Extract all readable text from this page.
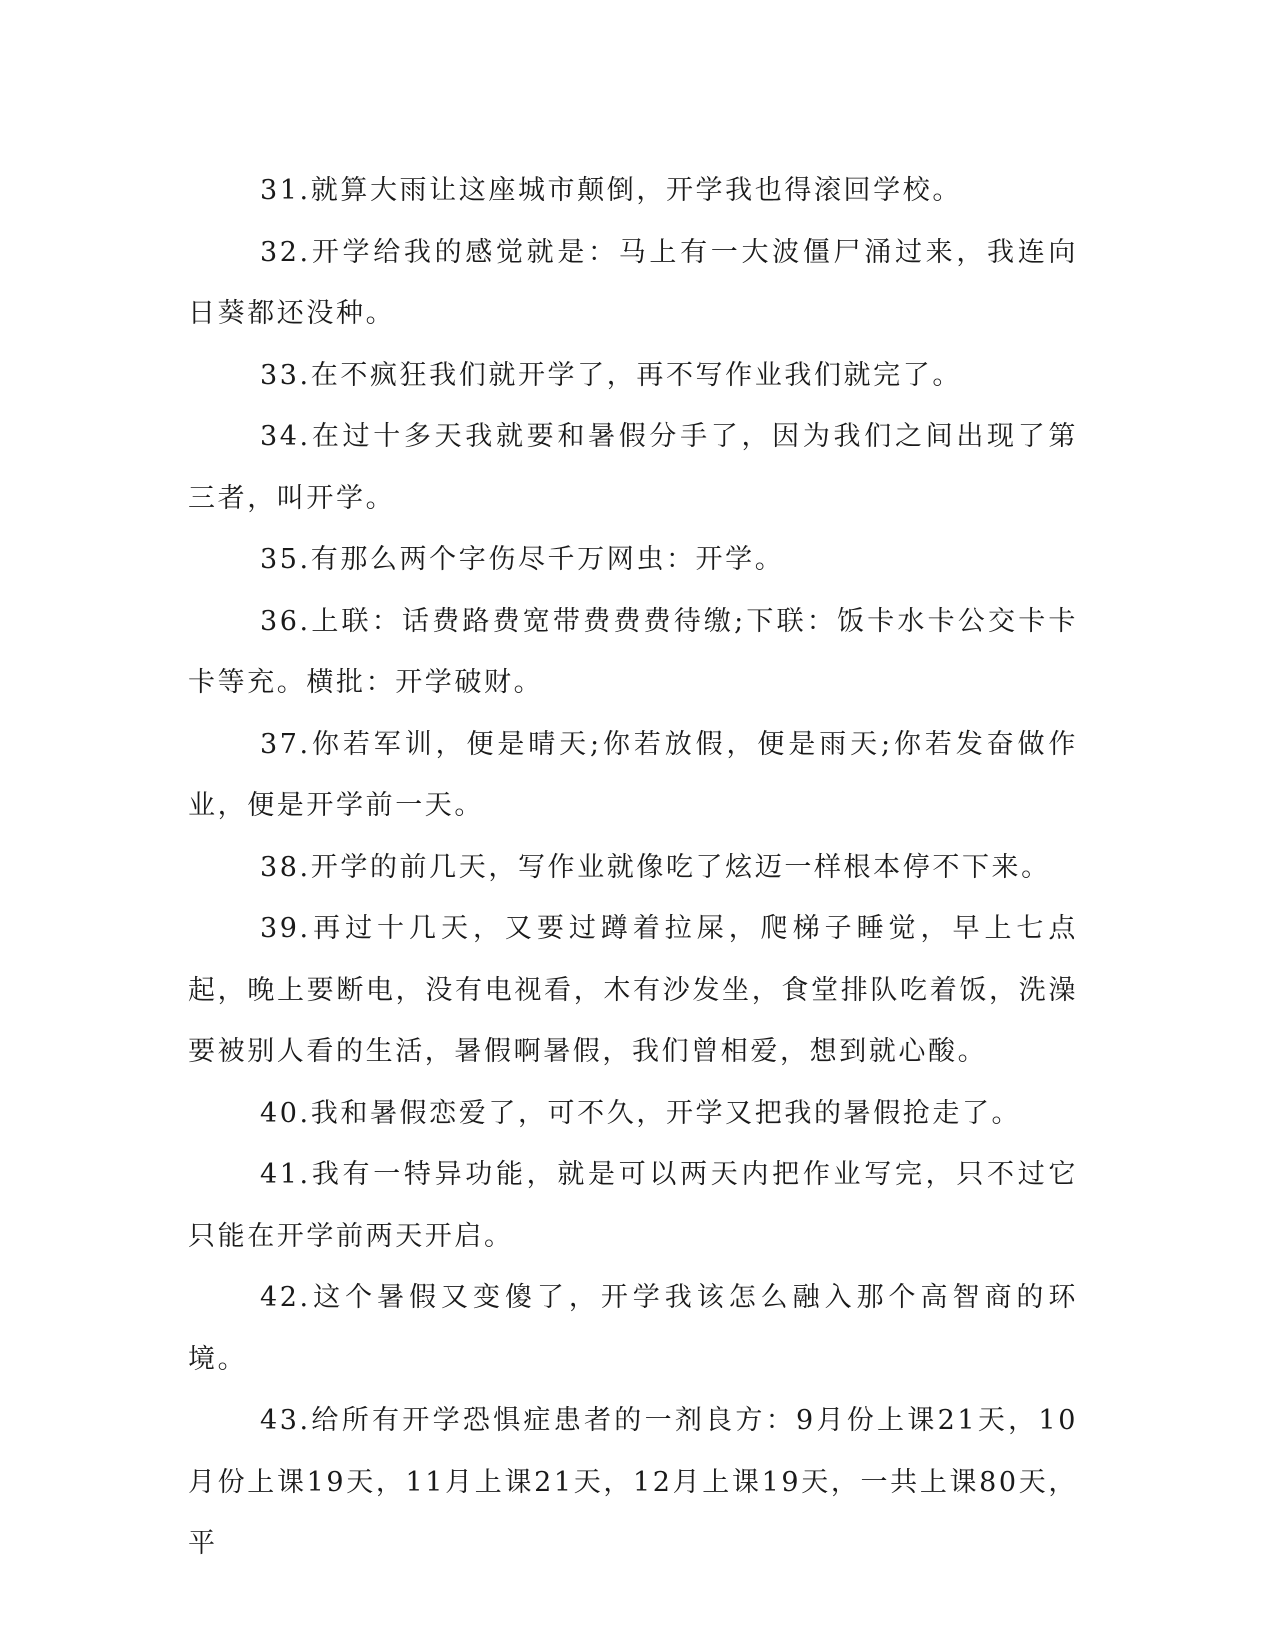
31.就算大雨让这座城市颠倒，开学我也得滚回学校。

32.开学给我的感觉就是：马上有一大波僵尸涌过来，我连向日葵都还没种。

33.在不疯狂我们就开学了，再不写作业我们就完了。

34.在过十多天我就要和暑假分手了，因为我们之间出现了第三者，叫开学。

35.有那么两个字伤尽千万网虫：开学。

36.上联：话费路费宽带费费费待缴;下联：饭卡水卡公交卡卡卡等充。横批：开学破财。

37.你若军训，便是晴天;你若放假，便是雨天;你若发奋做作业，便是开学前一天。

38.开学的前几天，写作业就像吃了炫迈一样根本停不下来。

39.再过十几天，又要过蹲着拉屎，爬梯子睡觉，早上七点起，晚上要断电，没有电视看，木有沙发坐，食堂排队吃着饭，洗澡要被别人看的生活，暑假啊暑假，我们曾相爱，想到就心酸。

40.我和暑假恋爱了，可不久，开学又把我的暑假抢走了。

41.我有一特异功能，就是可以两天内把作业写完，只不过它只能在开学前两天开启。

42.这个暑假又变傻了，开学我该怎么融入那个高智商的环境。

43.给所有开学恐惧症患者的一剂良方：9月份上课21天，10月份上课19天，11月上课21天，12月上课19天，一共上课80天，平
